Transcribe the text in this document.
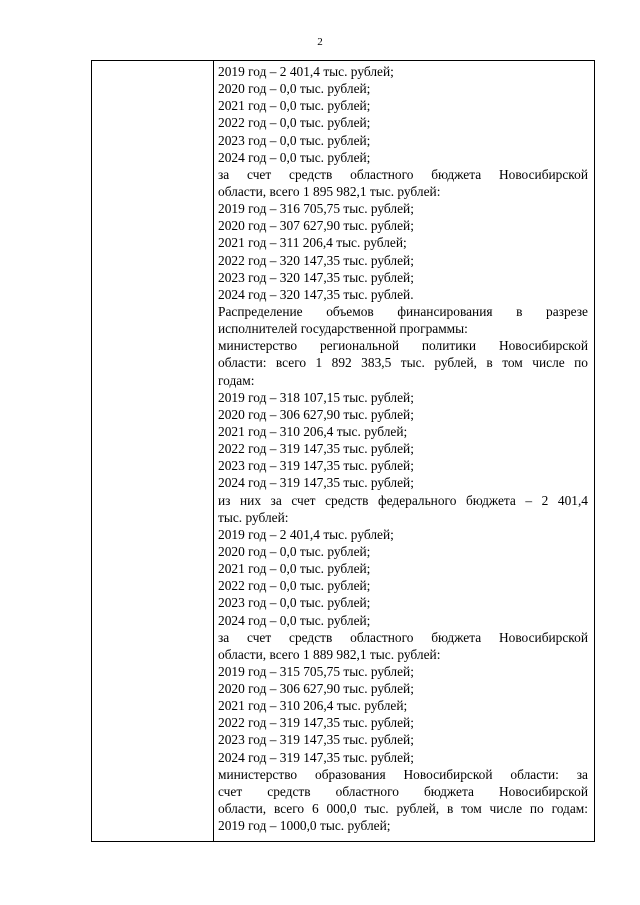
2
2019 год – 2 401,4 тыс. рублей;
2020 год – 0,0 тыс. рублей;
2021 год – 0,0 тыс. рублей;
2022 год – 0,0 тыс. рублей;
2023 год – 0,0 тыс. рублей;
2024 год – 0,0 тыс. рублей;
за счет средств областного бюджета Новосибирской
области, всего 1 895 982,1 тыс. рублей:
2019 год – 316 705,75 тыс. рублей;
2020 год – 307 627,90 тыс. рублей;
2021 год – 311 206,4 тыс. рублей;
2022 год – 320 147,35 тыс. рублей;
2023 год – 320 147,35 тыс. рублей;
2024 год – 320 147,35 тыс. рублей.
Распределение объемов финансирования в разрезе
исполнителей государственной программы:
министерство региональной политики Новосибирской
области: всего 1 892 383,5 тыс. рублей, в том числе по
годам:
2019 год – 318 107,15 тыс. рублей;
2020 год – 306 627,90 тыс. рублей;
2021 год – 310 206,4 тыс. рублей;
2022 год – 319 147,35 тыс. рублей;
2023 год – 319 147,35 тыс. рублей;
2024 год – 319 147,35 тыс. рублей;
из них за счет средств федерального бюджета – 2 401,4
тыс. рублей:
2019 год – 2 401,4 тыс. рублей;
2020 год – 0,0 тыс. рублей;
2021 год – 0,0 тыс. рублей;
2022 год – 0,0 тыс. рублей;
2023 год – 0,0 тыс. рублей;
2024 год – 0,0 тыс. рублей;
за счет средств областного бюджета Новосибирской
области, всего 1 889 982,1 тыс. рублей:
2019 год – 315 705,75 тыс. рублей;
2020 год – 306 627,90 тыс. рублей;
2021 год – 310 206,4 тыс. рублей;
2022 год – 319 147,35 тыс. рублей;
2023 год – 319 147,35 тыс. рублей;
2024 год – 319 147,35 тыс. рублей;
министерство образования Новосибирской области: за
счет средств областного бюджета Новосибирской
области, всего 6 000,0 тыс. рублей, в том числе по годам:
2019 год – 1000,0 тыс. рублей;
